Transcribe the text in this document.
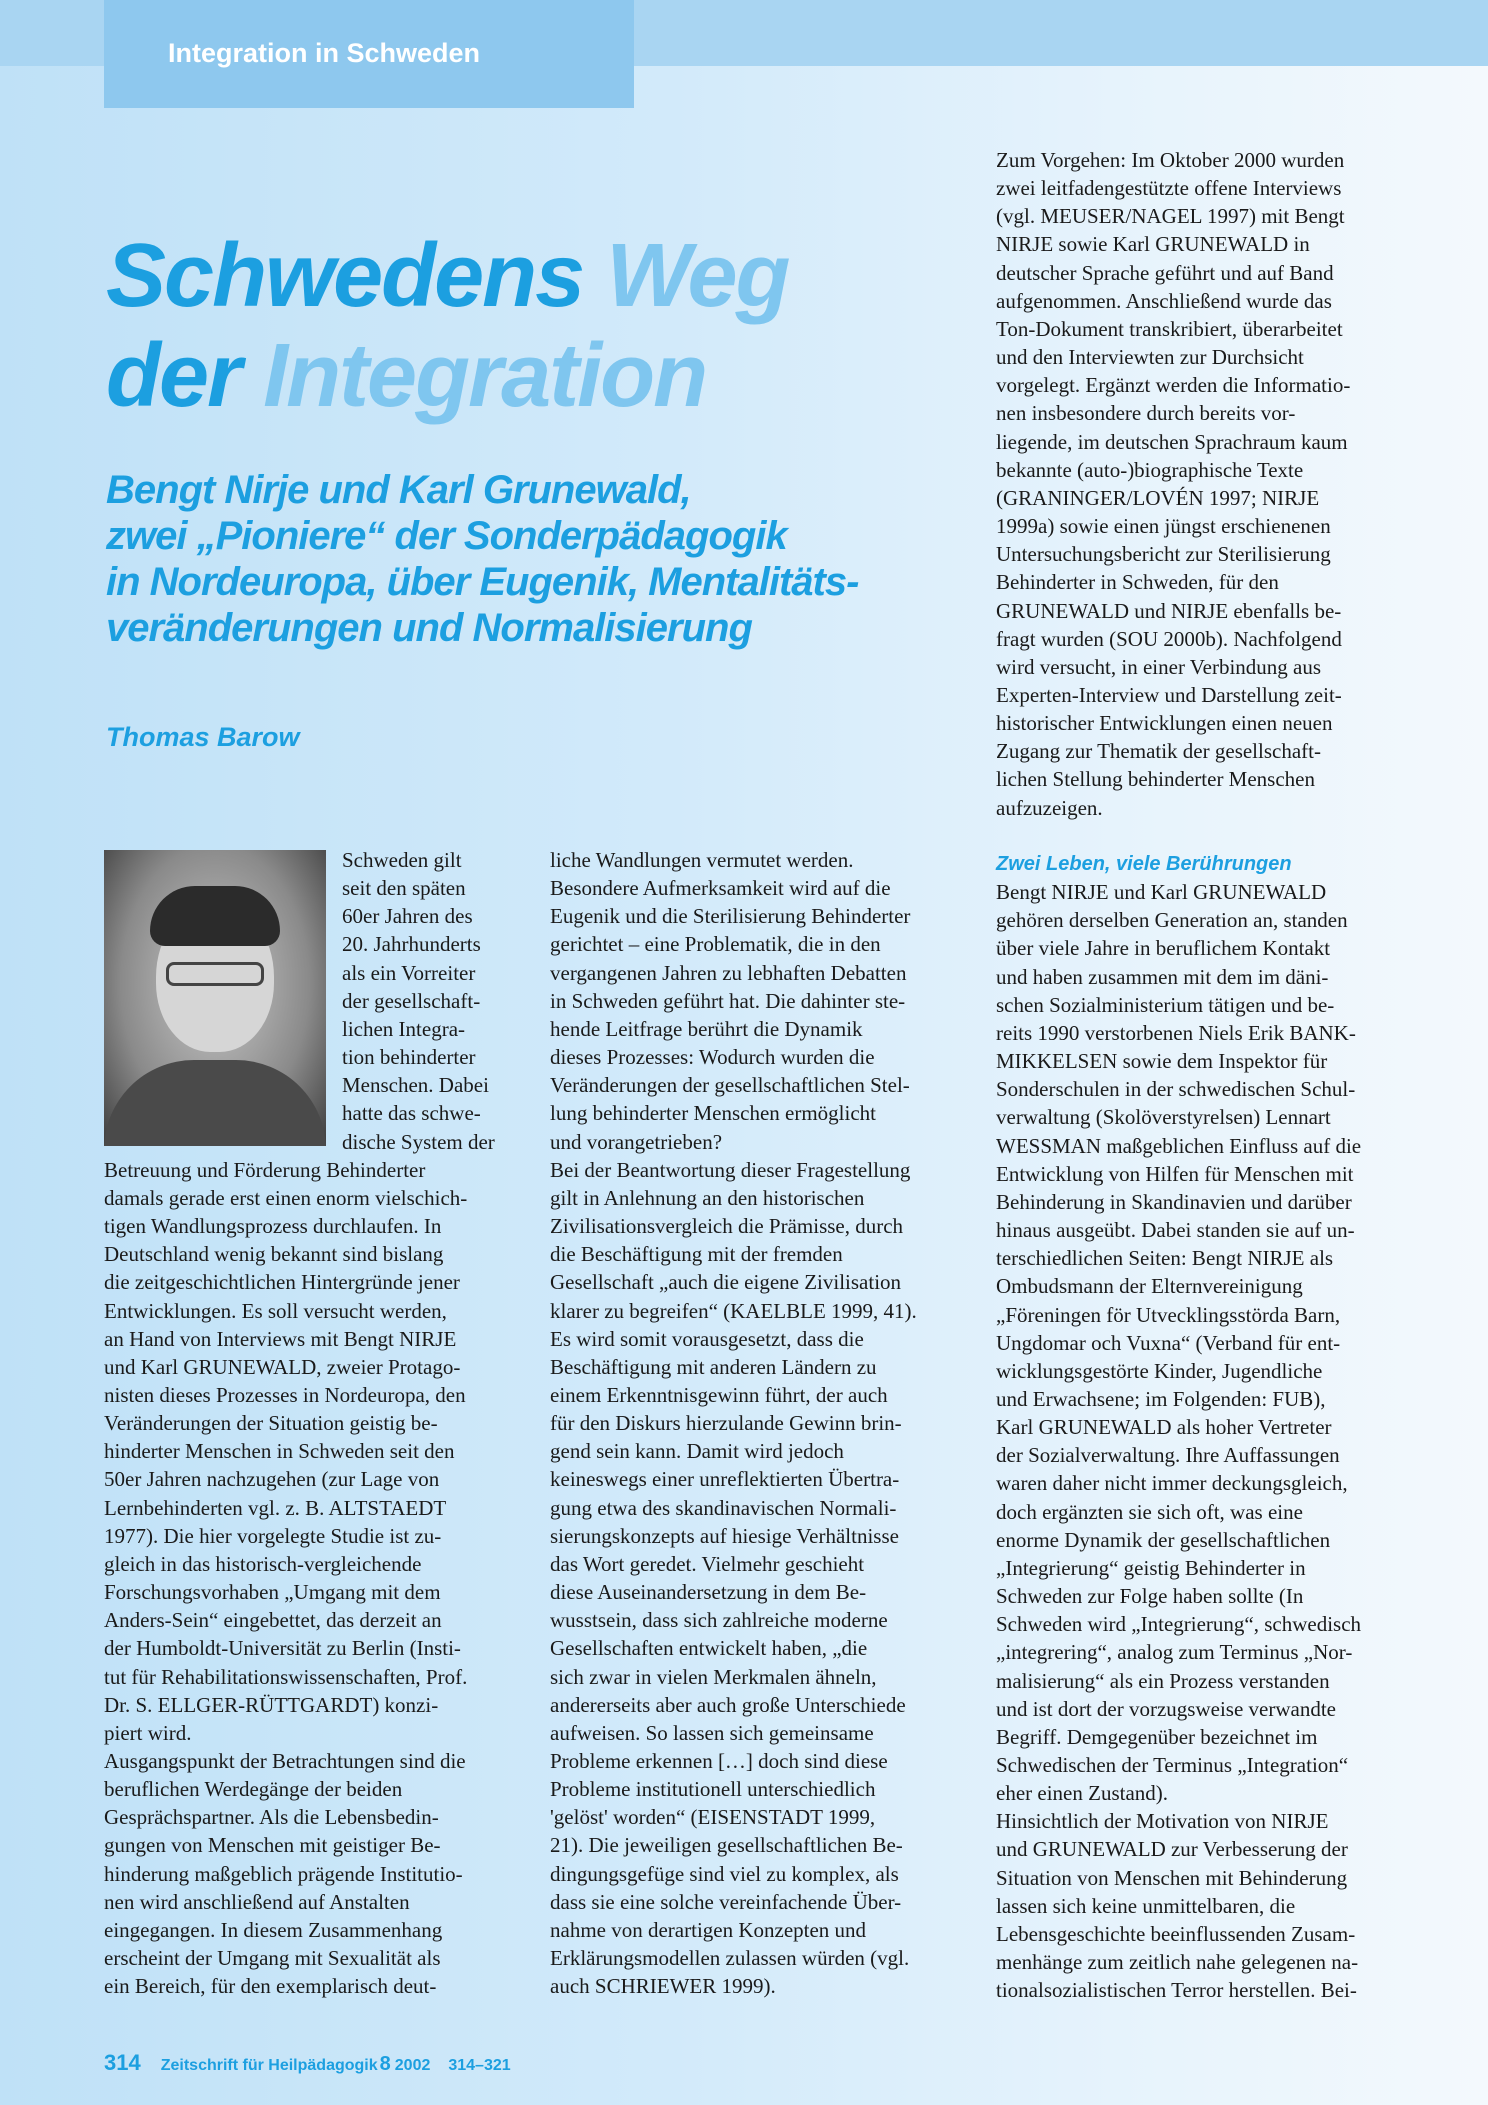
Integration in Schweden
Schwedens Weg
der Integration
Bengt Nirje und Karl Grunewald,
zwei „Pioniere“ der Sonderpädagogik
in Nordeuropa, über Eugenik, Mentalitäts-
veränderungen und Normalisierung
Thomas Barow
Schweden gilt
seit den späten
60er Jahren des
20. Jahrhunderts
als ein Vorreiter
der gesellschaft-
lichen Integra-
tion behinderter
Menschen. Dabei
hatte das schwe-
dische System der
Betreuung und Förderung Behinderter
damals gerade erst einen enorm vielschich-
tigen Wandlungsprozess durchlaufen. In
Deutschland wenig bekannt sind bislang
die zeitgeschichtlichen Hintergründe jener
Entwicklungen. Es soll versucht werden,
an Hand von Interviews mit Bengt NIRJE
und Karl GRUNEWALD, zweier Protago-
nisten dieses Prozesses in Nordeuropa, den
Veränderungen der Situation geistig be-
hinderter Menschen in Schweden seit den
50er Jahren nachzugehen (zur Lage von
Lernbehinderten vgl. z. B. ALTSTAEDT
1977). Die hier vorgelegte Studie ist zu-
gleich in das historisch-vergleichende
Forschungsvorhaben „Umgang mit dem
Anders-Sein“ eingebettet, das derzeit an
der Humboldt-Universität zu Berlin (Insti-
tut für Rehabilitationswissenschaften, Prof.
Dr. S. ELLGER-RÜTTGARDT) konzi-
piert wird.
Ausgangspunkt der Betrachtungen sind die
beruflichen Werdegänge der beiden
Gesprächspartner. Als die Lebensbedin-
gungen von Menschen mit geistiger Be-
hinderung maßgeblich prägende Institutio-
nen wird anschließend auf Anstalten
eingegangen. In diesem Zusammenhang
erscheint der Umgang mit Sexualität als
ein Bereich, für den exemplarisch deut-
liche Wandlungen vermutet werden.
Besondere Aufmerksamkeit wird auf die
Eugenik und die Sterilisierung Behinderter
gerichtet – eine Problematik, die in den
vergangenen Jahren zu lebhaften Debatten
in Schweden geführt hat. Die dahinter ste-
hende Leitfrage berührt die Dynamik
dieses Prozesses: Wodurch wurden die
Veränderungen der gesellschaftlichen Stel-
lung behinderter Menschen ermöglicht
und vorangetrieben?
Bei der Beantwortung dieser Fragestellung
gilt in Anlehnung an den historischen
Zivilisationsvergleich die Prämisse, durch
die Beschäftigung mit der fremden
Gesellschaft „auch die eigene Zivilisation
klarer zu begreifen“ (KAELBLE 1999, 41).
Es wird somit vorausgesetzt, dass die
Beschäftigung mit anderen Ländern zu
einem Erkenntnisgewinn führt, der auch
für den Diskurs hierzulande Gewinn brin-
gend sein kann. Damit wird jedoch
keineswegs einer unreflektierten Übertra-
gung etwa des skandinavischen Normali-
sierungskonzepts auf hiesige Verhältnisse
das Wort geredet. Vielmehr geschieht
diese Auseinandersetzung in dem Be-
wusstsein, dass sich zahlreiche moderne
Gesellschaften entwickelt haben, „die
sich zwar in vielen Merkmalen ähneln,
andererseits aber auch große Unterschiede
aufweisen. So lassen sich gemeinsame
Probleme erkennen […] doch sind diese
Probleme institutionell unterschiedlich
'gelöst' worden“ (EISENSTADT 1999,
21). Die jeweiligen gesellschaftlichen Be-
dingungsgefüge sind viel zu komplex, als
dass sie eine solche vereinfachende Über-
nahme von derartigen Konzepten und
Erklärungsmodellen zulassen würden (vgl.
auch SCHRIEWER 1999).
Zum Vorgehen: Im Oktober 2000 wurden
zwei leitfadengestützte offene Interviews
(vgl. MEUSER/NAGEL 1997) mit Bengt
NIRJE sowie Karl GRUNEWALD in
deutscher Sprache geführt und auf Band
aufgenommen. Anschließend wurde das
Ton-Dokument transkribiert, überarbeitet
und den Interviewten zur Durchsicht
vorgelegt. Ergänzt werden die Informatio-
nen insbesondere durch bereits vor-
liegende, im deutschen Sprachraum kaum
bekannte (auto-)biographische Texte
(GRANINGER/LOVÉN 1997; NIRJE
1999a) sowie einen jüngst erschienenen
Untersuchungsbericht zur Sterilisierung
Behinderter in Schweden, für den
GRUNEWALD und NIRJE ebenfalls be-
fragt wurden (SOU 2000b). Nachfolgend
wird versucht, in einer Verbindung aus
Experten-Interview und Darstellung zeit-
historischer Entwicklungen einen neuen
Zugang zur Thematik der gesellschaft-
lichen Stellung behinderter Menschen
aufzuzeigen.
Zwei Leben, viele Berührungen
Bengt NIRJE und Karl GRUNEWALD
gehören derselben Generation an, standen
über viele Jahre in beruflichem Kontakt
und haben zusammen mit dem im däni-
schen Sozialministerium tätigen und be-
reits 1990 verstorbenen Niels Erik BANK-
MIKKELSEN sowie dem Inspektor für
Sonderschulen in der schwedischen Schul-
verwaltung (Skolöverstyrelsen) Lennart
WESSMAN maßgeblichen Einfluss auf die
Entwicklung von Hilfen für Menschen mit
Behinderung in Skandinavien und darüber
hinaus ausgeübt. Dabei standen sie auf un-
terschiedlichen Seiten: Bengt NIRJE als
Ombudsmann der Elternvereinigung
„Föreningen för Utvecklingsstörda Barn,
Ungdomar och Vuxna“ (Verband für ent-
wicklungsgestörte Kinder, Jugendliche
und Erwachsene; im Folgenden: FUB),
Karl GRUNEWALD als hoher Vertreter
der Sozialverwaltung. Ihre Auffassungen
waren daher nicht immer deckungsgleich,
doch ergänzten sie sich oft, was eine
enorme Dynamik der gesellschaftlichen
„Integrierung“ geistig Behinderter in
Schweden zur Folge haben sollte (In
Schweden wird „Integrierung“, schwedisch
„integrering“, analog zum Terminus „Nor-
malisierung“ als ein Prozess verstanden
und ist dort der vorzugsweise verwandte
Begriff. Demgegenüber bezeichnet im
Schwedischen der Terminus „Integration“
eher einen Zustand).
Hinsichtlich der Motivation von NIRJE
und GRUNEWALD zur Verbesserung der
Situation von Menschen mit Behinderung
lassen sich keine unmittelbaren, die
Lebensgeschichte beeinflussenden Zusam-
menhänge zum zeitlich nahe gelegenen na-
tionalsozialistischen Terror herstellen. Bei-
314 Zeitschrift für Heilpädagogik 8 2002 314–321
